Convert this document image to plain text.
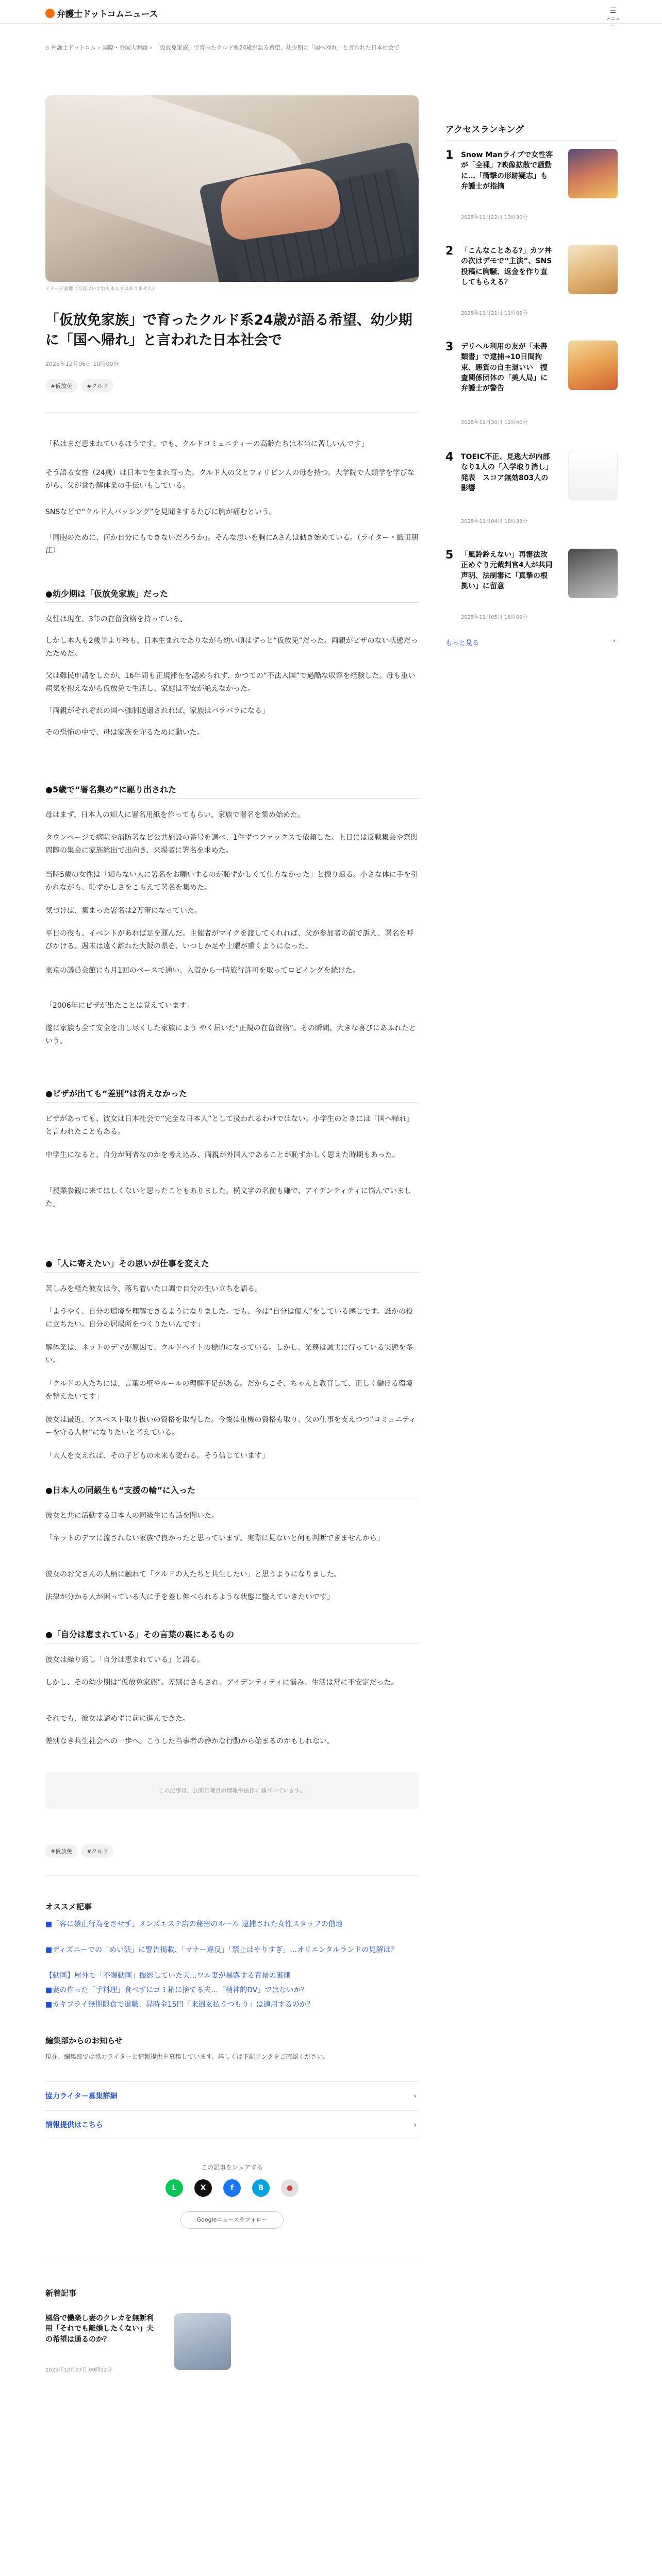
弁護士ドットコムニュース	☰
メニュー
⌂ 弁護士ドットコム › 国際・外国人問題 › 「仮放免家族」で育ったクルド系24歳が語る希望、幼少期に「国へ帰れ」と言われた日本社会で

イメージ画像（写真はいずれも本人ではありません）

「仮放免家族」で育ったクルド系24歳が語る希望、幼少期に「国へ帰れ」と言われた日本社会で

2025年12月06日 10時00分

#仮放免	#クルド

「私はまだ恵まれているほうです。でも、クルドコミュニティーの高齢たちは本当に苦しいんです」

そう語る女性（24歳）は日本で生まれ育った。クルド人の父とフィリピン人の母を持つ。大学院で人類学を学びながら、父が営む解体業の手伝いもしている。

SNSなどで“クルド人バッシング”を見聞きするたびに胸が痛むという。

「同胞のために、何か自分にもできないだろうか」。そんな思いを胸にAさんは動き始めている。（ライター・織田朋江）

●幼少期は「仮放免家族」だった

女性は現在、3年の在留資格を持っている。

しかし本人も2歳半より終も、日本生まれでありながら幼い頃はずっと“仮放免”だった。両親がビザのない状態だったためだ。

父は難民申請をしたが、16年間も正規滞在を認められず、かつての“不法入国”で過酷な収容を経験した。母も重い病気を抱えながら仮放免で生活し、家庭は不安が絶えなかった。

「両親がそれぞれの国へ強制送還されれば、家族はバラバラになる」

その恐怖の中で、母は家族を守るために動いた。

●5歳で“署名集め”に駆り出された

母はまず、日本人の知人に署名用紙を作ってもらい、家族で署名を集め始めた。

タウンページで病院や消防署など公共施設の番号を調べ、1件ずつファックスで依頼した。上日には反戦集会や祭関間際の集会に家族総出で出向き、来場者に署名を求めた。

当時5歳の女性は「知らない人に署名をお願いするのが恥ずかしくて仕方なかった」と振り返る。小さな体に手を引かれながら、恥ずかしさをこらえて署名を集めた。

気づけば、集まった署名は2万筆になっていた。

平日の夜も、イベントがあれば足を運んだ。主催者がマイクを渡してくれれば、父が参加者の前で訴え、署名を呼びかける。週末は遠く離れた大阪の県を、いつしか足や土曜が重くようになった。

東京の議員会館にも月1回のペースで通い、入管から一時旅行許可を取ってロビイングを続けた。

「2006年にビザが出たことは覚えています」

遂に家族も全て安全を出し尽くした家族によう やく届いた“正規の在留資格”。その瞬間、大きな喜びにあふれたという。

●ビザが出ても“差別”は消えなかった

ビザがあっても、彼女は日本社会で“完全な日本人”として扱われるわけではない。小学生のときには「国へ帰れ」と言われたこともある。

中学生になると、自分が何者なのかを考え込み、両親が外国人であることが恥ずかしく思えた時期もあった。

「授業参観に来てほしくないと思ったこともありました。横文字の名前も嫌で、アイデンティティに悩んでいました」

●「人に寄えたい」その思いが仕事を変えた

苦しみを経た彼女は今、落ち着いた口調で自分の生い立ちを語る。

「ようやく、自分の環境を理解できるようになりました。でも、今は“自分は個人”をしている感じです。誰かの役に立ちたい。自分の居場所をつくりたいんです」

解体業は、ネットのデマが原因で、クルドヘイトの標的になっている。しかし、業務は誠実に行っている実態を多い。

「クルドの人たちには、言葉の壁やルールの理解不足がある。だからこそ、ちゃんと教育して、正しく働ける環境を整えたいです」

彼女は最近、アスベスト取り扱いの資格を取得した。今後は重機の資格も取り、父の仕事を支えつつ“コミュニティーを守る人材”になりたいと考えている。

「大人を支えれば、その子どもの未来も変わる。そう信じています」

●日本人の同級生も“支援の輪”に入った

彼女と共に活動する日本人の同級生にも話を聞いた。

「ネットのデマに流されない家族で良かったと思っています。実際に見ないと何も判断できませんから」

彼女のお父さんの人柄に触れて「クルドの人たちと共生したい」と思うようになりました。

法律が分かる人が困っている人に手を差し伸べられるような状態に整えていきたいです」

●「自分は恵まれている」その言葉の裏にあるもの

彼女は繰り返し「自分は恵まれている」と語る。

しかし、その幼少期は“仮放免家族”。差別にさらされ、アイデンティティに悩み、生活は常に不安定だった。

それでも、彼女は諦めずに前に進んできた。

差別なき共生社会への一歩へ。こうした当事者の静かな行動から始まるのかもしれない。

この記事は、公開日時点の情報や法律に基づいています。
#仮放免	#クルド
オススメ記事
■「客に禁止行為をさせず」メンズエステ店の秘密のルール 逮捕された女性スタッフの借地
■ディズニーでの「めい活」に警告掲載、「マナー違反」「禁止はやりすぎ」…オリエンタルランドの見解は？
【動画】屋外で「不端動画」撮影していた夫…ワル妻が暴露する背景の裏側
■妻の作った「手料理」食べずにゴミ箱に捨てる夫…「精神的DV」ではないか？
■カキフライ無期限食で退職、昇時金15円「来週玄払うつもり」は適用するのか？
編集部からのお知らせ

現在、編集部では協力ライターと情報提供を募集しています。詳しくは下記リンクをご確認ください。

協力ライター募集詳細	›
情報提供はこちら	›

この記事をシェアする

L	X	f	B	●
Googleニュースをフォロー
新着記事

風俗で働楽し妻のクレカを無断利用「それでも離婚したくない」夫の希望は通るのか？

2025年12月07日 09時12分

アクセスランキング
1 Snow Manライブで女性客が「全裸」?映像拡散で騒動に…「衝撃の形跡疑志」も弁護士が指摘
2025年11月22日 13時30分
2 「こんなことある?」カツ丼の次はデモで“主演”、SNS投稿に胸騒、返金を作り直してもらえる？
2025年11月21日 11時09分
3 デリヘル利用の友が「未書類書」で逮捕→10日間拘束、悪質の自主退いい　捜査関係団体の「美人局」に弁護士が警告
2025年11月30日 12時40分
4 TOEIC不正、見逃大が内部なり1人の「入学取り消し」発表　スコア無効803人の影響
2025年11月04日 18時33分
5 「風鈴鈴えない」再審法改正めぐり元裁判官4人が共同声明、法制審に「真摯の根拠い」に留意
2025年11月05日 16時09分
もっと見る	›
